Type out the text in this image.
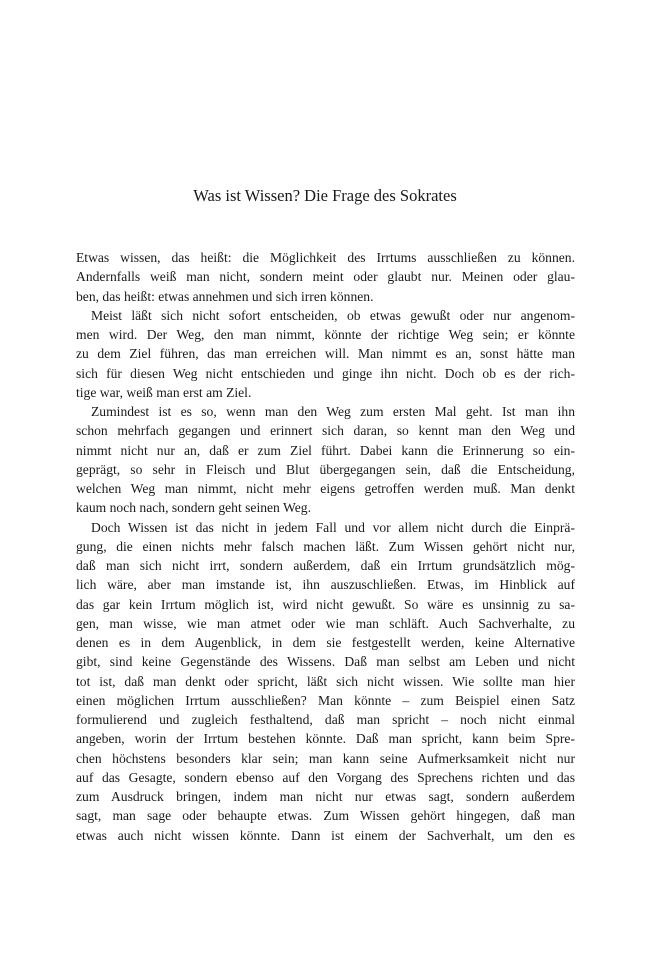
Was ist Wissen? Die Frage des Sokrates
Etwas wissen, das heißt: die Möglichkeit des Irrtums ausschließen zu können.
Andernfalls weiß man nicht, sondern meint oder glaubt nur. Meinen oder glau-
ben, das heißt: etwas annehmen und sich irren können.
Meist läßt sich nicht sofort entscheiden, ob etwas gewußt oder nur angenom-
men wird. Der Weg, den man nimmt, könnte der richtige Weg sein; er könnte
zu dem Ziel führen, das man erreichen will. Man nimmt es an, sonst hätte man
sich für diesen Weg nicht entschieden und ginge ihn nicht. Doch ob es der rich-
tige war, weiß man erst am Ziel.
Zumindest ist es so, wenn man den Weg zum ersten Mal geht. Ist man ihn
schon mehrfach gegangen und erinnert sich daran, so kennt man den Weg und
nimmt nicht nur an, daß er zum Ziel führt. Dabei kann die Erinnerung so ein-
geprägt, so sehr in Fleisch und Blut übergegangen sein, daß die Entscheidung,
welchen Weg man nimmt, nicht mehr eigens getroffen werden muß. Man denkt
kaum noch nach, sondern geht seinen Weg.
Doch Wissen ist das nicht in jedem Fall und vor allem nicht durch die Einprä-
gung, die einen nichts mehr falsch machen läßt. Zum Wissen gehört nicht nur,
daß man sich nicht irrt, sondern außerdem, daß ein Irrtum grundsätzlich mög-
lich wäre, aber man imstande ist, ihn auszuschließen. Etwas, im Hinblick auf
das gar kein Irrtum möglich ist, wird nicht gewußt. So wäre es unsinnig zu sa-
gen, man wisse, wie man atmet oder wie man schläft. Auch Sachverhalte, zu
denen es in dem Augenblick, in dem sie festgestellt werden, keine Alternative
gibt, sind keine Gegenstände des Wissens. Daß man selbst am Leben und nicht
tot ist, daß man denkt oder spricht, läßt sich nicht wissen. Wie sollte man hier
einen möglichen Irrtum ausschließen? Man könnte – zum Beispiel einen Satz
formulierend und zugleich festhaltend, daß man spricht – noch nicht einmal
angeben, worin der Irrtum bestehen könnte. Daß man spricht, kann beim Spre-
chen höchstens besonders klar sein; man kann seine Aufmerksamkeit nicht nur
auf das Gesagte, sondern ebenso auf den Vorgang des Sprechens richten und das
zum Ausdruck bringen, indem man nicht nur etwas sagt, sondern außerdem
sagt, man sage oder behaupte etwas. Zum Wissen gehört hingegen, daß man
etwas auch nicht wissen könnte. Dann ist einem der Sachverhalt, um den es
